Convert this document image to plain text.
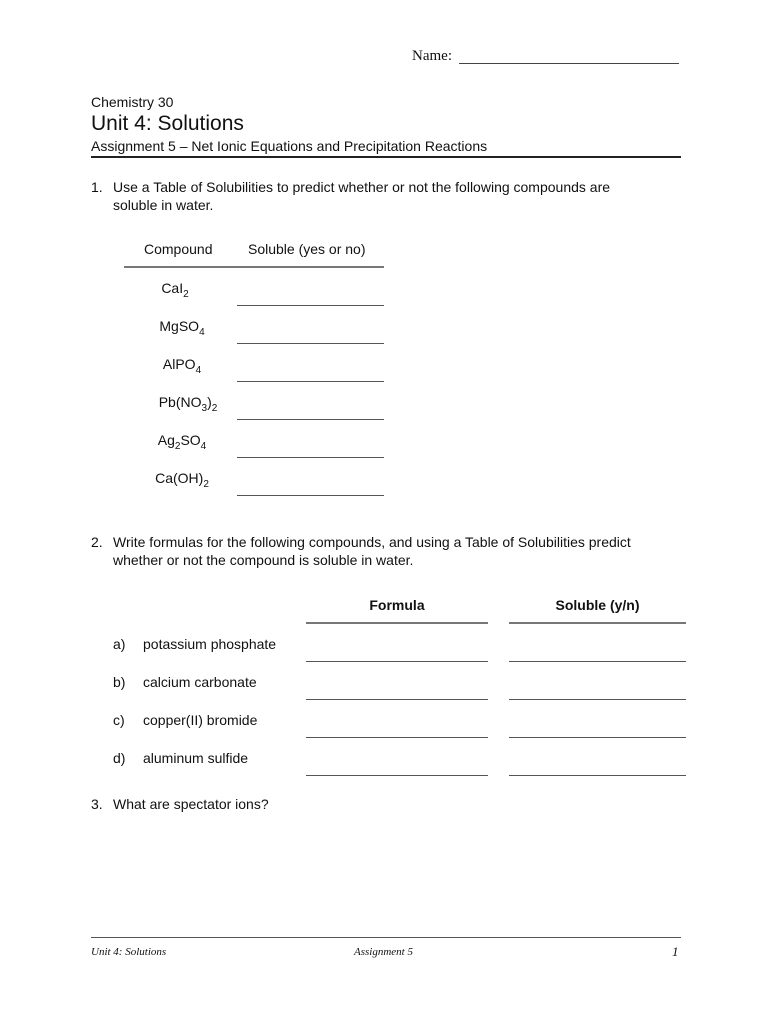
Name:
Chemistry 30
Unit 4: Solutions
Assignment 5 – Net Ionic Equations and Precipitation Reactions
1. Use a Table of Solubilities to predict whether or not the following compounds are
soluble in water.
Compound	Soluble (yes or no)
CaI$_2$
MgSO$_4$
AlPO$_4$
$Pb(NO_3)_2$
$Ag_2SO_4$
$Ca(OH)_2$
2. Write formulas for the following compounds, and using a Table of Solubilities predict
whether or not the compound is soluble in water.
Formula	Soluble (y/n)
a) potassium phosphate
b) calcium carbonate
c) copper(II) bromide
d) aluminum sulfide
3. What are spectator ions?
Unit 4: Solutions	Assignment 5	1
